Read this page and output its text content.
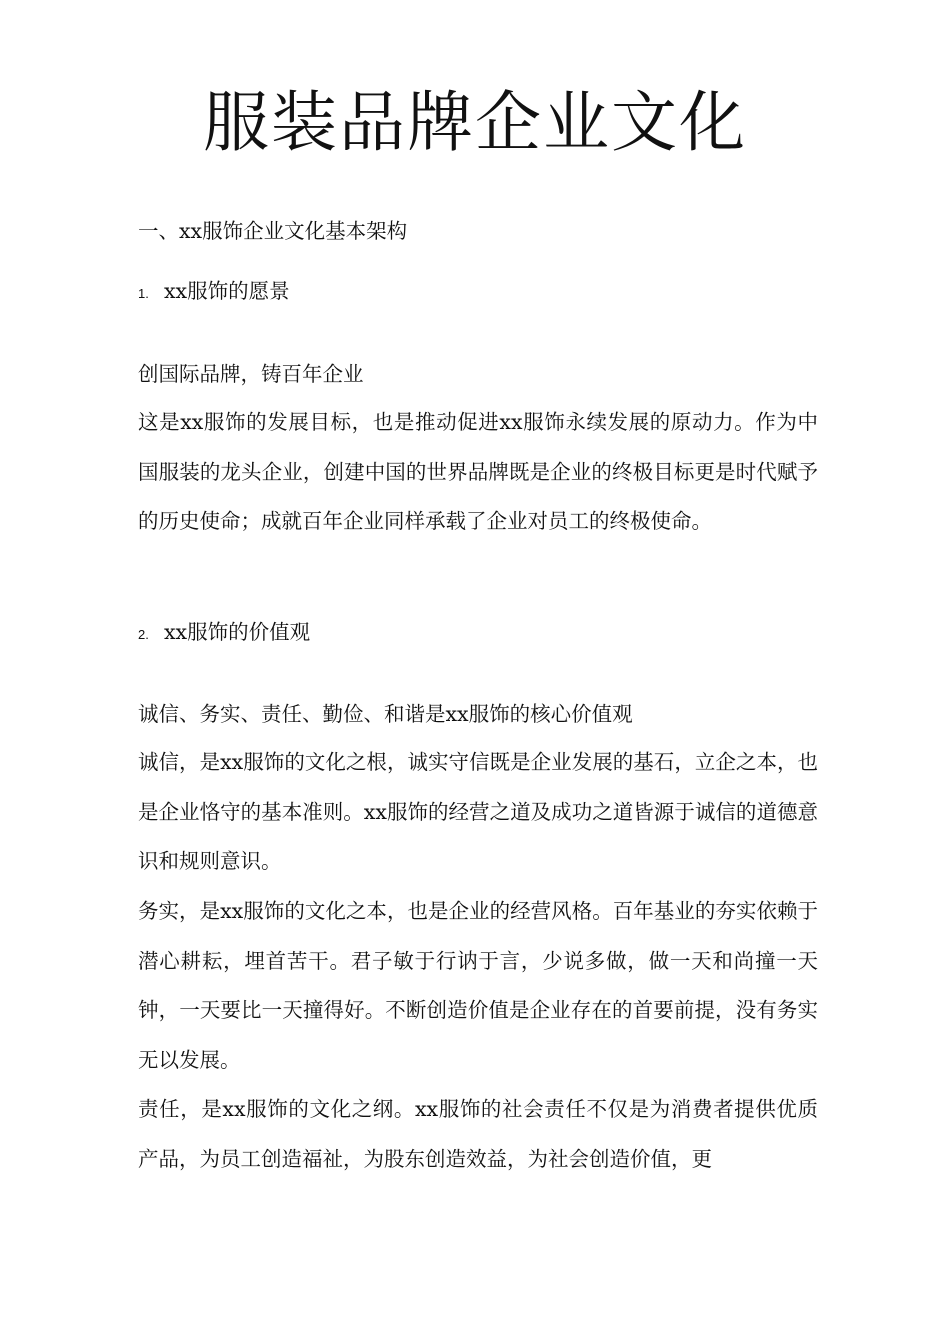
服装品牌企业文化

一、xx服饰企业文化基本架构

1. xx服饰的愿景

创国际品牌，铸百年企业

这是xx服饰的发展目标，也是推动促进xx服饰永续发展的原动力。作为中国服装的龙头企业，创建中国的世界品牌既是企业的终极目标更是时代赋予的历史使命；成就百年企业同样承载了企业对员工的终极使命。

2. xx服饰的价值观

诚信、务实、责任、勤俭、和谐是xx服饰的核心价值观

诚信，是xx服饰的文化之根，诚实守信既是企业发展的基石，立企之本，也是企业恪守的基本准则。xx服饰的经营之道及成功之道皆源于诚信的道德意识和规则意识。

务实，是xx服饰的文化之本，也是企业的经营风格。百年基业的夯实依赖于潜心耕耘，埋首苦干。君子敏于行讷于言，少说多做，做一天和尚撞一天钟，一天要比一天撞得好。不断创造价值是企业存在的首要前提，没有务实无以发展。

责任，是xx服饰的文化之纲。xx服饰的社会责任不仅是为消费者提供优质产品，为员工创造福祉，为股东创造效益，为社会创造价值，更
